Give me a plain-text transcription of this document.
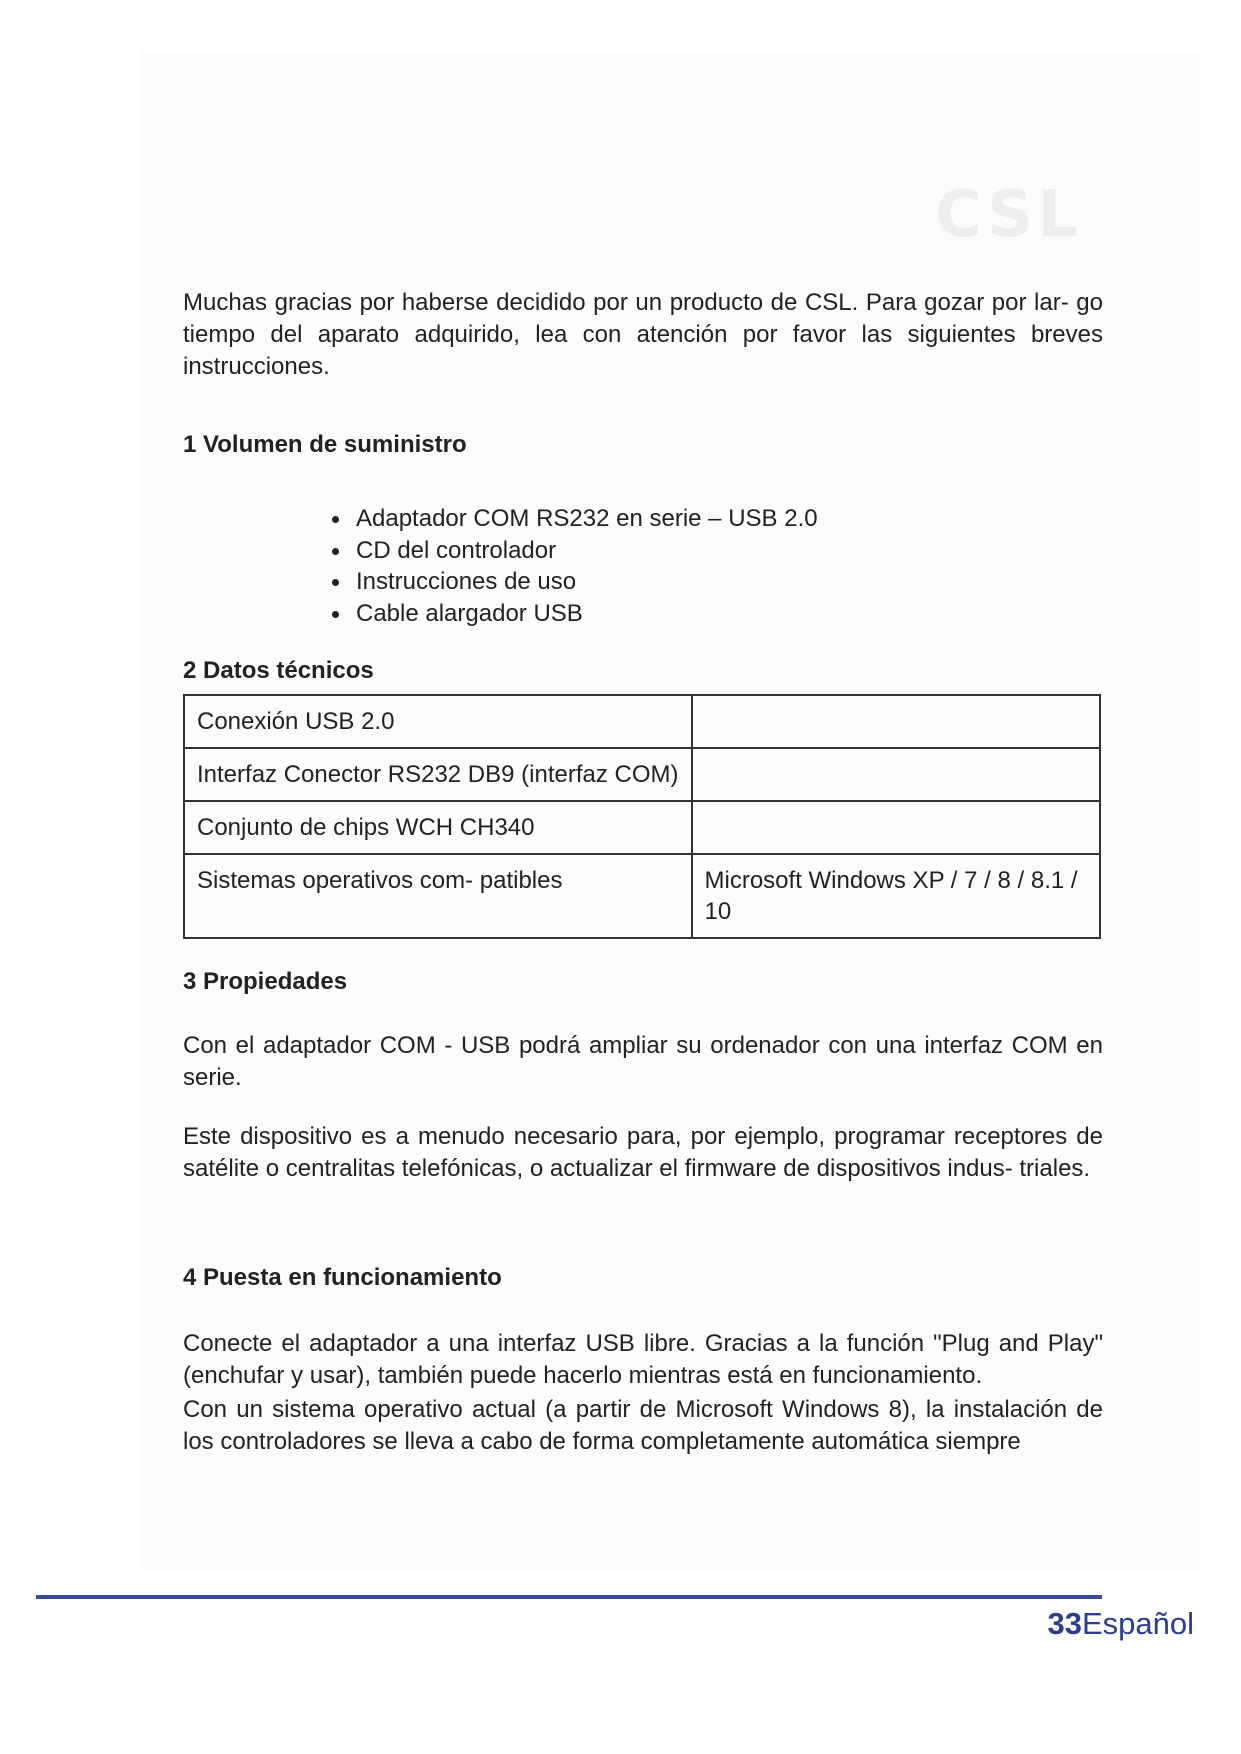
CSL

Muchas gracias por haberse decidido por un producto de CSL. Para gozar por lar- go tiempo del aparato adquirido, lea con atención por favor las siguientes breves instrucciones.

1 Volumen de suministro
Adaptador COM RS232 en serie – USB 2.0
CD del controlador
Instrucciones de uso
Cable alargador USB
2 Datos técnicos
Conexión USB 2.0	
Interfaz Conector RS232 DB9 (interfaz COM)	
Conjunto de chips WCH CH340	
Sistemas operativos com- patibles	Microsoft Windows XP / 7 / 8 / 8.1 / 10
3 Propiedades

Con el adaptador COM - USB podrá ampliar su ordenador con una interfaz COM en serie.

Este dispositivo es a menudo necesario para, por ejemplo, programar receptores de satélite o centralitas telefónicas, o actualizar el firmware de dispositivos indus- triales.

4 Puesta en funcionamiento

Conecte el adaptador a una interfaz USB libre. Gracias a la función "Plug and Play"(enchufar y usar), también puede hacerlo mientras está en funcionamiento.

Con un sistema operativo actual (a partir de Microsoft Windows 8), la instalación de los controladores se lleva a cabo de forma completamente automática siempre

33Español
